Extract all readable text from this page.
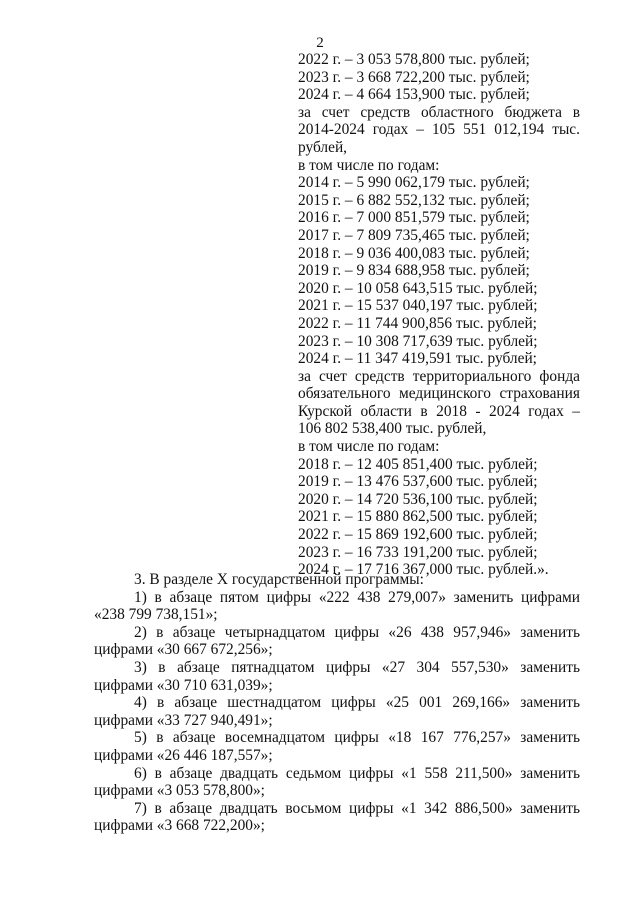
2
2022 г. – 3 053 578,800 тыс. рублей;
2023 г. – 3 668 722,200 тыс. рублей;
2024 г. – 4 664 153,900 тыс. рублей;
за счет средств областного бюджета в
2014-2024 годах – 105 551 012,194 тыс.
рублей,
в том числе по годам:
2014 г. – 5 990 062,179 тыс. рублей;
2015 г. – 6 882 552,132 тыс. рублей;
2016 г. – 7 000 851,579 тыс. рублей;
2017 г. – 7 809 735,465 тыс. рублей;
2018 г. – 9 036 400,083 тыс. рублей;
2019 г. – 9 834 688,958 тыс. рублей;
2020 г. – 10 058 643,515 тыс. рублей;
2021 г. – 15 537 040,197 тыс. рублей;
2022 г. – 11 744 900,856 тыс. рублей;
2023 г. – 10 308 717,639 тыс. рублей;
2024 г. – 11 347 419,591 тыс. рублей;
за счет средств территориального фонда
обязательного медицинского страхования
Курской области в 2018 - 2024 годах –
106 802 538,400 тыс. рублей,
в том числе по годам:
2018 г. – 12 405 851,400 тыс. рублей;
2019 г. – 13 476 537,600 тыс. рублей;
2020 г. – 14 720 536,100 тыс. рублей;
2021 г. – 15 880 862,500 тыс. рублей;
2022 г. – 15 869 192,600 тыс. рублей;
2023 г. – 16 733 191,200 тыс. рублей;
2024 г. – 17 716 367,000 тыс. рублей.».
3. В разделе X государственной программы:
1) в абзаце пятом цифры «222 438 279,007» заменить цифрами
«238 799 738,151»;
2) в абзаце четырнадцатом цифры «26 438 957,946» заменить
цифрами «30 667 672,256»;
3) в абзаце пятнадцатом цифры «27 304 557,530» заменить
цифрами «30 710 631,039»;
4) в абзаце шестнадцатом цифры «25 001 269,166» заменить
цифрами «33 727 940,491»;
5) в абзаце восемнадцатом цифры «18 167 776,257» заменить
цифрами «26 446 187,557»;
6) в абзаце двадцать седьмом цифры «1 558 211,500» заменить
цифрами «3 053 578,800»;
7) в абзаце двадцать восьмом цифры «1 342 886,500» заменить
цифрами «3 668 722,200»;
